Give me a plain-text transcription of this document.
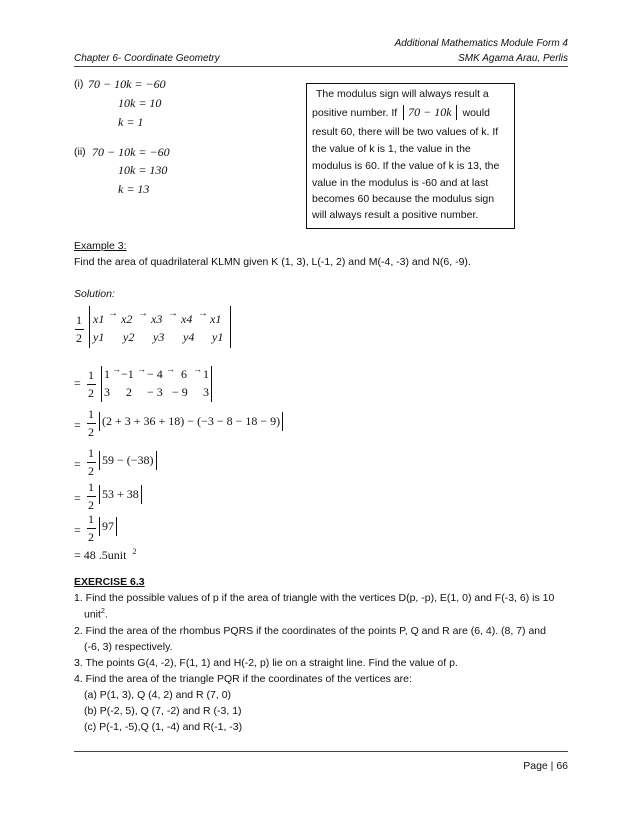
Additional Mathematics Module Form 4
Chapter 6- Coordinate Geometry	SMK Agama Arau, Perlis
(i) 70 − 10k = −60
10k = 10
k = 1
(ii) 70 − 10k = −60
10k = 130
k = 13
The modulus sign will always result a
positive number. If 70 − 10k would
result 60, there will be two values of k. If
the value of k is 1, the value in the
modulus is 60. If the value of k is 13, the
value in the modulus is -60 and at last
becomes 60 because the modulus sign
will always result a positive number.
Example 3:
Find the area of quadrilateral KLMN given K (1, 3), L(-1, 2) and M(-4, -3) and N(6, -9).
Solution:
1
2
x1 → x2 → x3 → x4 → x1
y1 y2 y3 y4 y1
=
1
2
1 → −1 → − 4 → 6 → 1
3 2 − 3 − 9 3
=
1
2
(2 + 3 + 36 + 18) − (−3 − 8 − 18 − 9)
=
1
2
59 − (−38)
=
1
2
53 + 38
=
1
2
97
= 48 .5unit $^2$
EXERCISE 6.3
1. Find the possible values of p if the area of triangle with the vertices D(p, -p), E(1, 0) and F(-3, 6) is 10
unit$^2$.
2. Find the area of the rhombus PQRS if the coordinates of the points P, Q and R are (6, 4). (8, 7) and
(-6, 3) respectively.
3. The points G(4, -2), F(1, 1) and H(-2, p) lie on a straight line. Find the value of p.
4. Find the area of the triangle PQR if the coordinates of the vertices are:
(a) P(1, 3), Q (4, 2) and R (7, 0)
(b) P(-2, 5), Q (7, -2) and R (-3, 1)
(c) P(-1, -5),Q (1, -4) and R(-1, -3)
Page | 66
